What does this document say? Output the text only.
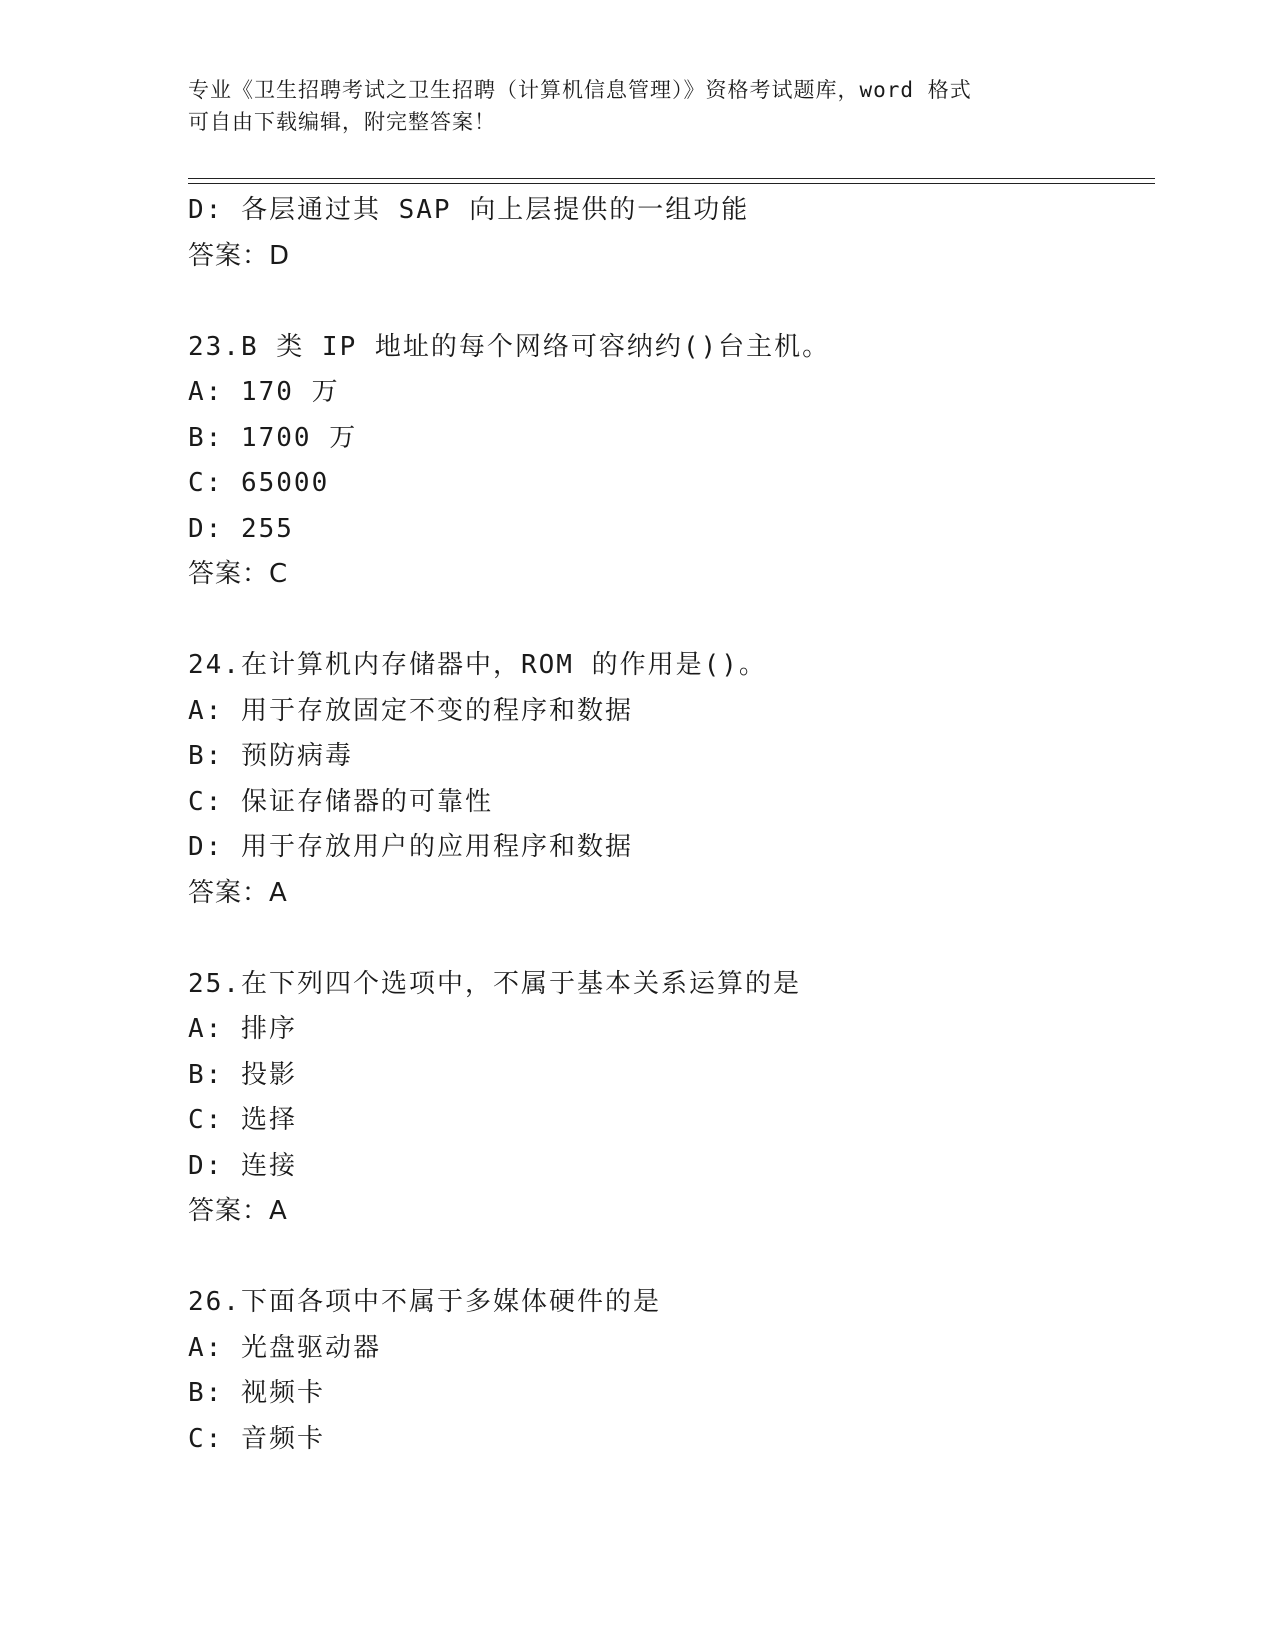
专业《卫生招聘考试之卫生招聘（计算机信息管理）》资格考试题库，word 格式
可自由下载编辑，附完整答案！
D: 各层通过其 SAP 向上层提供的一组功能
答案：D
23.B 类 IP 地址的每个网络可容纳约()台主机。
A: 170 万
B: 1700 万
C: 65000
D: 255
答案：C
24.在计算机内存储器中，ROM 的作用是()。
A: 用于存放固定不变的程序和数据
B: 预防病毒
C: 保证存储器的可靠性
D: 用于存放用户的应用程序和数据
答案：A
25.在下列四个选项中，不属于基本关系运算的是
A: 排序
B: 投影
C: 选择
D: 连接
答案：A
26.下面各项中不属于多媒体硬件的是
A: 光盘驱动器
B: 视频卡
C: 音频卡
